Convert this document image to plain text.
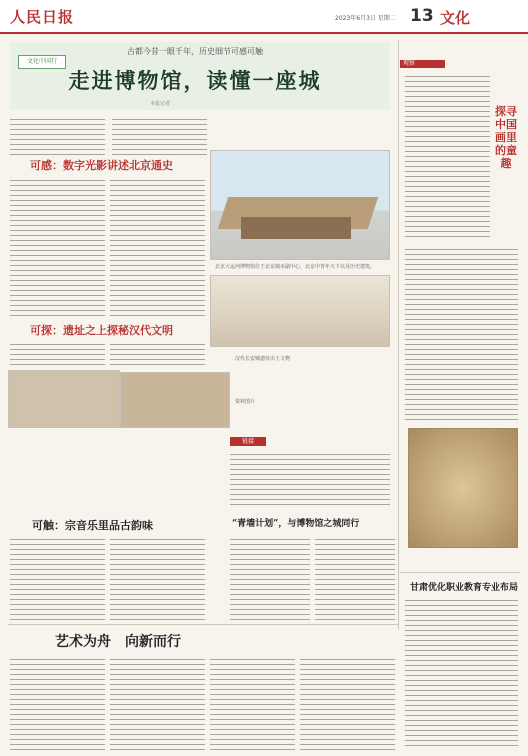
人民日报	2023年6月3日 星期二 13 文化
文化中国行
古都今昔一眼千年，历史细节可感可触
走进博物馆，读懂一座城
本报记者
可感：数字光影讲述北京通史
北京大运河博物馆位于北京城市副中心，北京中青年天下以及历史建筑。
可探：遗址之上探秘汉代文明
汉代长安城遗址出土文物
资料图片
可触：宗音乐里品古韵味
链接
“青墙计划”，与博物馆之城同行
观察
探寻中国画里的童趣
甘肃优化职业教育专业布局
艺术为舟　向新而行
